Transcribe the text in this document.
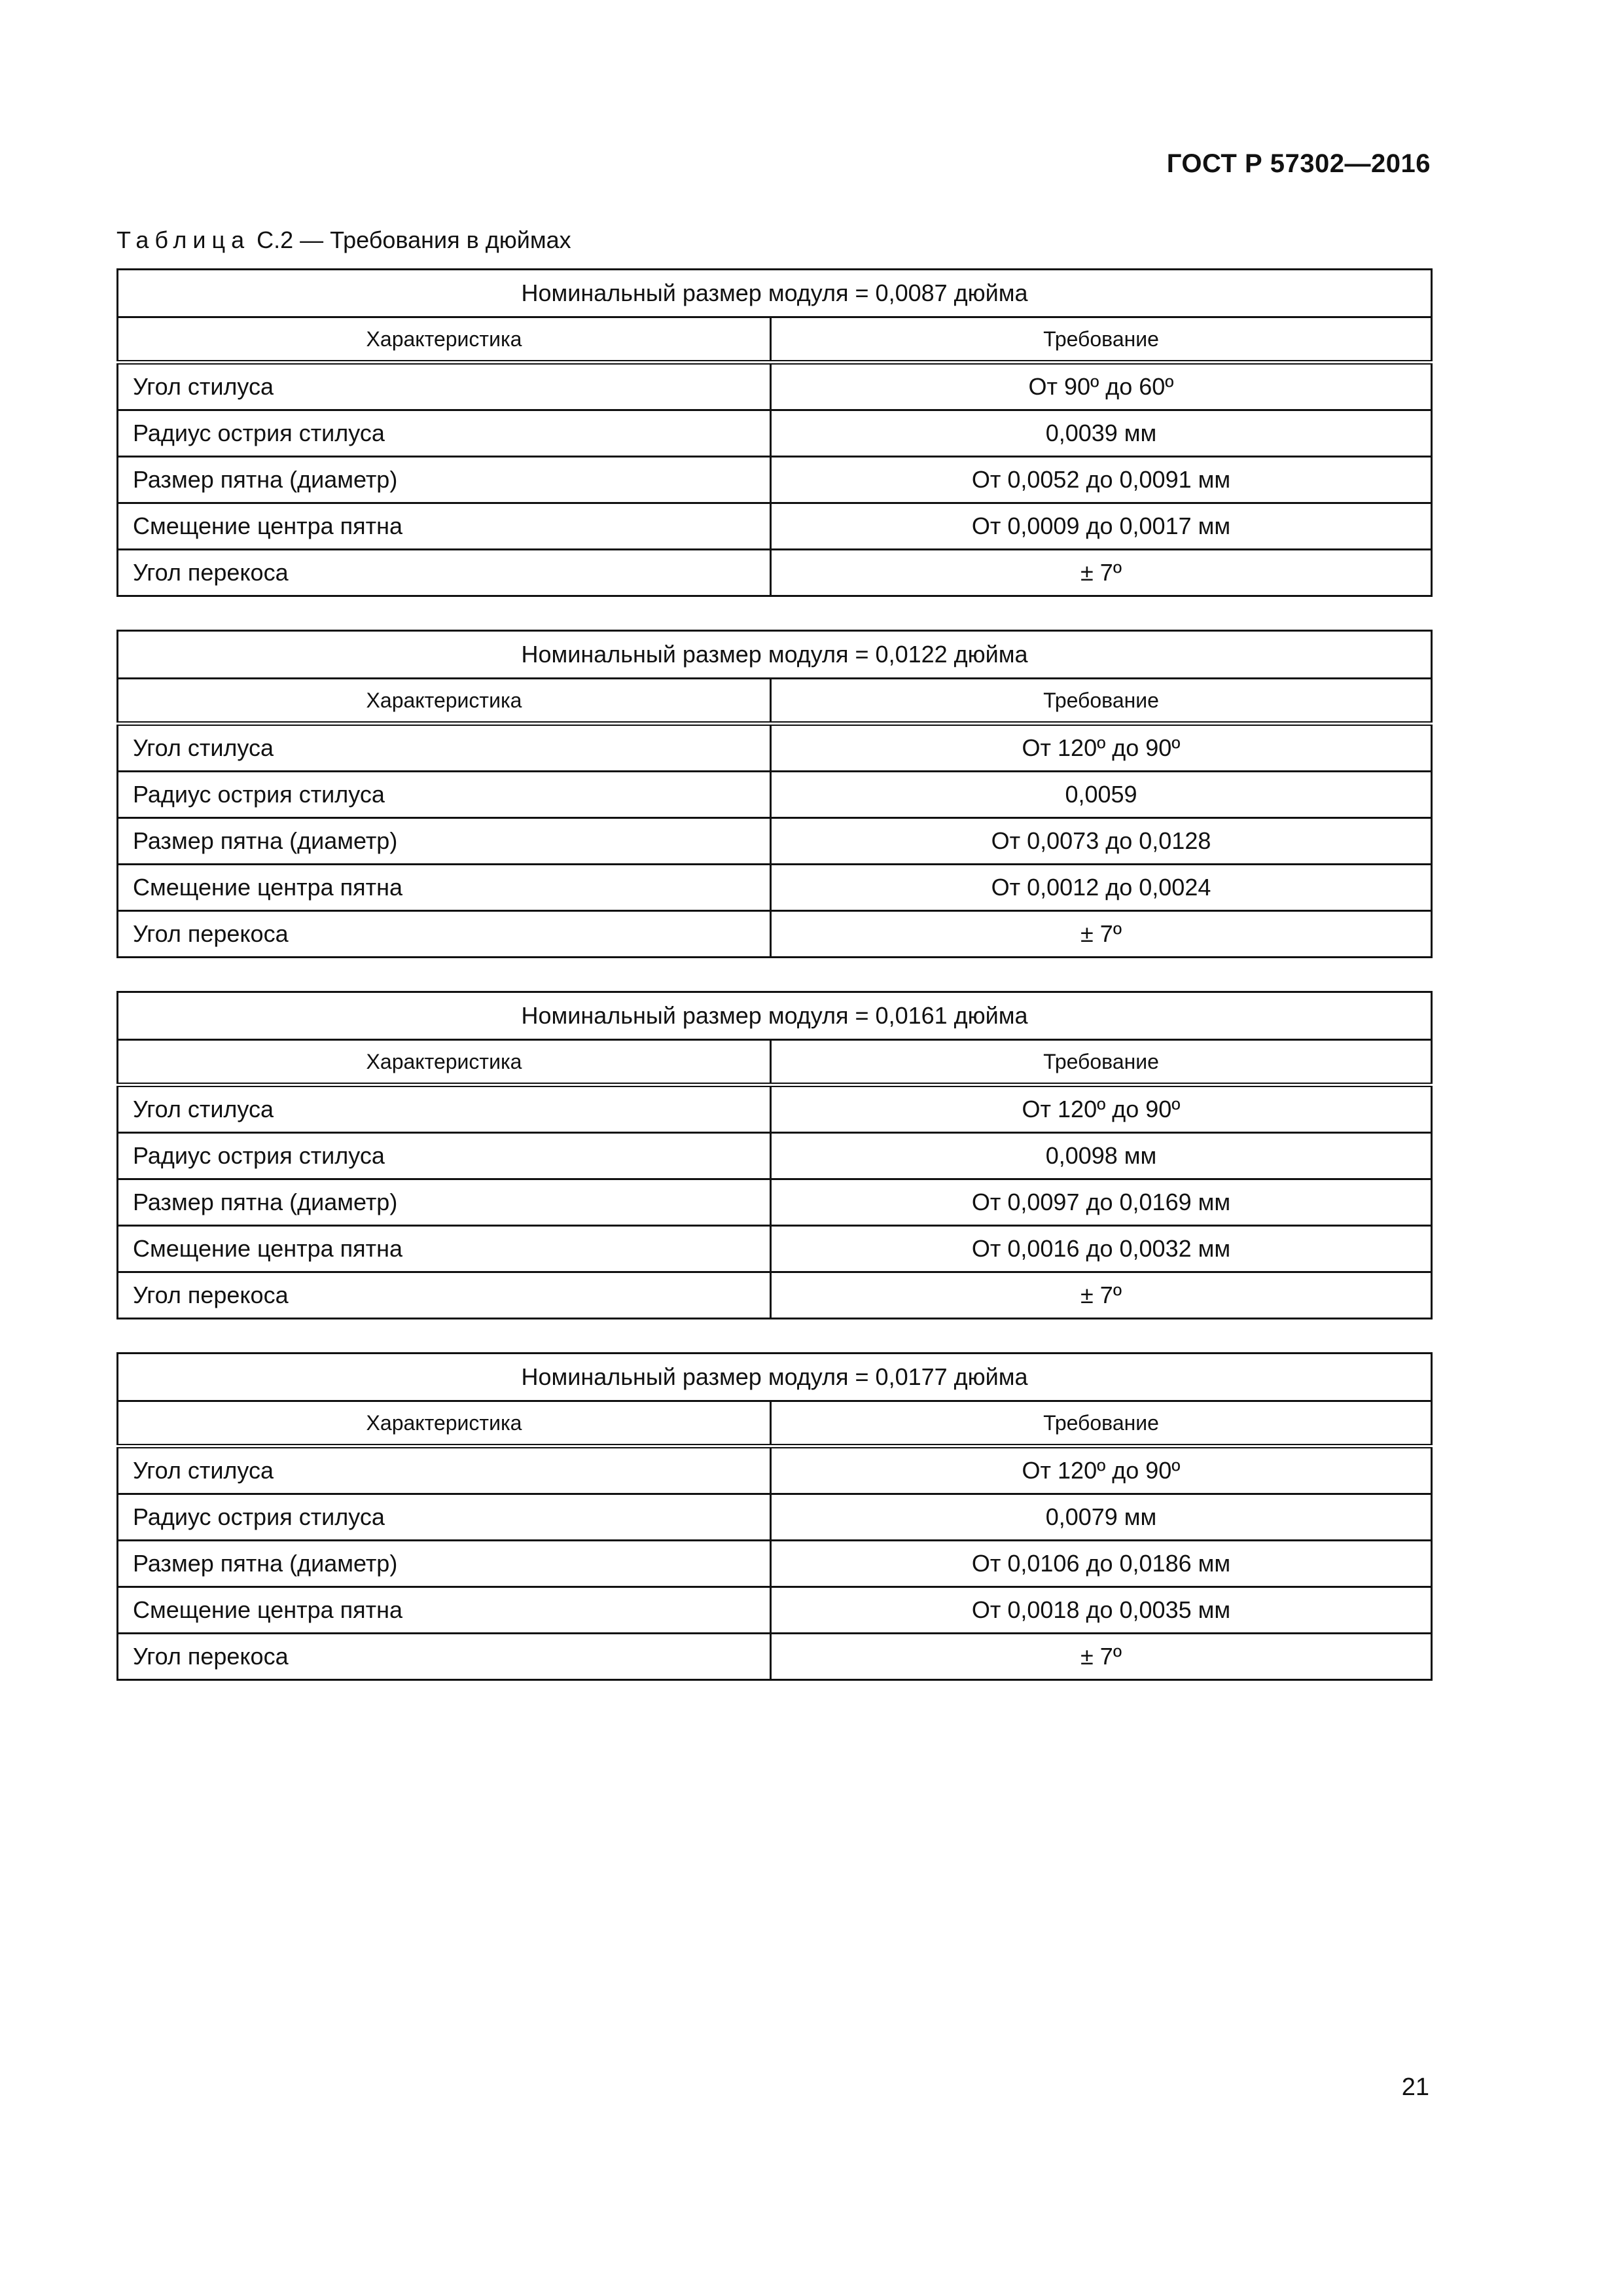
ГОСТ Р 57302—2016
Таблица С.2 — Требования в дюймах
Номинальный размер модуля = 0,0087 дюйма	
Характеристика	Требование
Угол стилуса	От 90º до 60º
Радиус острия стилуса	0,0039 мм
Размер пятна (диаметр)	От 0,0052 до 0,0091 мм
Смещение центра пятна	От 0,0009 до 0,0017 мм
Угол перекоса	± 7º
Номинальный размер модуля = 0,0122 дюйма	
Характеристика	Требование
Угол стилуса	От 120º до 90º
Радиус острия стилуса	0,0059
Размер пятна (диаметр)	От 0,0073 до 0,0128
Смещение центра пятна	От 0,0012 до 0,0024
Угол перекоса	± 7º
Номинальный размер модуля = 0,0161 дюйма	
Характеристика	Требование
Угол стилуса	От 120º до 90º
Радиус острия стилуса	0,0098 мм
Размер пятна (диаметр)	От 0,0097 до 0,0169 мм
Смещение центра пятна	От 0,0016 до 0,0032 мм
Угол перекоса	± 7º
Номинальный размер модуля = 0,0177 дюйма	
Характеристика	Требование
Угол стилуса	От 120º до 90º
Радиус острия стилуса	0,0079 мм
Размер пятна (диаметр)	От 0,0106 до 0,0186 мм
Смещение центра пятна	От 0,0018 до 0,0035 мм
Угол перекоса	± 7º
21
